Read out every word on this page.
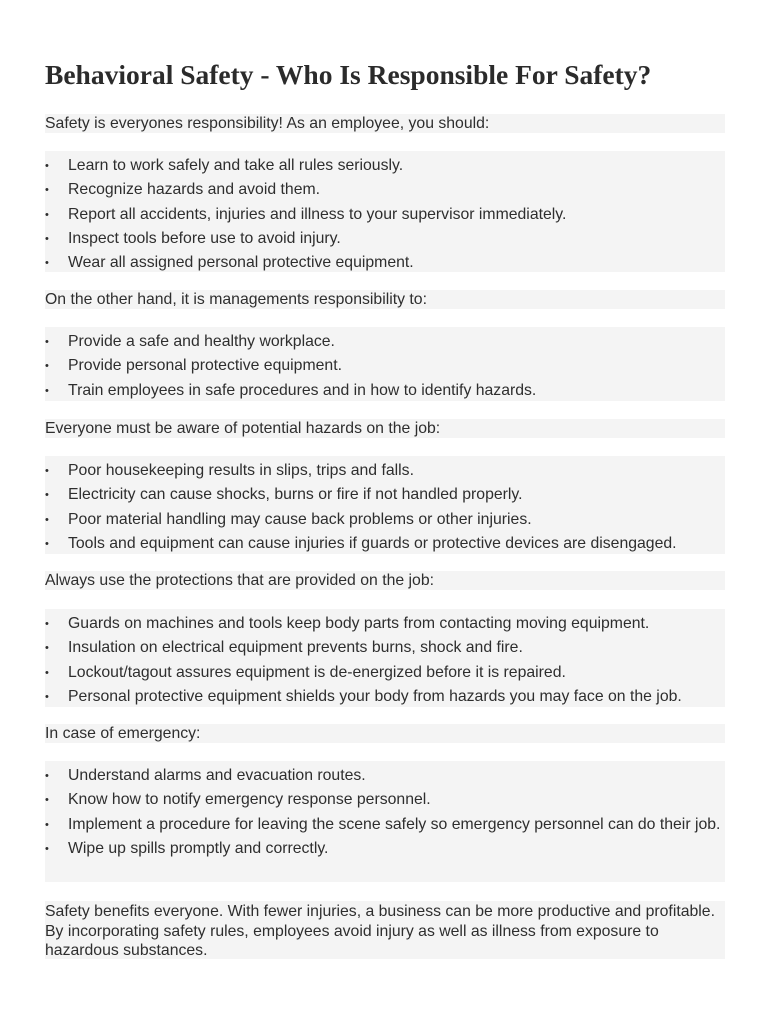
Behavioral Safety - Who Is Responsible For Safety?

Safety is everyones responsibility! As an employee, you should:

•	Learn to work safely and take all rules seriously.
•	Recognize hazards and avoid them.
•	Report all accidents, injuries and illness to your supervisor immediately.
•	Inspect tools before use to avoid injury.
•	Wear all assigned personal protective equipment.

On the other hand, it is managements responsibility to:

•	Provide a safe and healthy workplace.
•	Provide personal protective equipment.
•	Train employees in safe procedures and in how to identify hazards.

Everyone must be aware of potential hazards on the job:

•	Poor housekeeping results in slips, trips and falls.
•	Electricity can cause shocks, burns or fire if not handled properly.
•	Poor material handling may cause back problems or other injuries.
•	Tools and equipment can cause injuries if guards or protective devices are disengaged.

Always use the protections that are provided on the job:

•	Guards on machines and tools keep body parts from contacting moving equipment.
•	Insulation on electrical equipment prevents burns, shock and fire.
•	Lockout/tagout assures equipment is de-energized before it is repaired.
•	Personal protective equipment shields your body from hazards you may face on the job.

In case of emergency:

•	Understand alarms and evacuation routes.
•	Know how to notify emergency response personnel.
•	Implement a procedure for leaving the scene safely so emergency personnel can do their job.
•	Wipe up spills promptly and correctly.

Safety benefits everyone. With fewer injuries, a business can be more productive and profitable. By incorporating safety rules, employees avoid injury as well as illness from exposure to hazardous substances.
